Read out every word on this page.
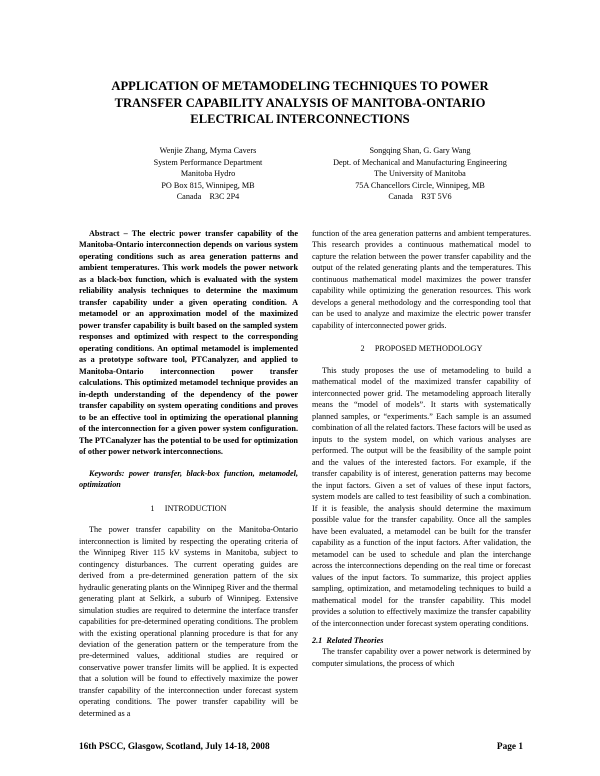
APPLICATION OF METAMODELING TECHNIQUES TO POWER
TRANSFER CAPABILITY ANALYSIS OF MANITOBA-ONTARIO
ELECTRICAL INTERCONNECTIONS
Wenjie Zhang, Myrna Cavers
System Performance Department
Manitoba Hydro
PO Box 815, Winnipeg, MB
Canada    R3C 2P4
Songqing Shan, G. Gary Wang
Dept. of Mechanical and Manufacturing Engineering
The University of Manitoba
75A Chancellors Circle, Winnipeg, MB
Canada    R3T 5V6

Abstract – The electric power transfer capability of the Manitoba-Ontario interconnection depends on various system operating conditions such as area generation patterns and ambient temperatures. This work models the power network as a black-box function, which is evaluated with the system reliability analysis techniques to determine the maximum transfer capability under a given operating condition. A metamodel or an approximation model of the maximized power transfer capability is built based on the sampled system responses and optimized with respect to the corresponding operating conditions. An optimal metamodel is implemented as a prototype software tool, PTCanalyzer, and applied to Manitoba-Ontario interconnection power transfer calculations. This optimized metamodel technique provides an in-depth understanding of the dependency of the power transfer capability on system operating conditions and proves to be an effective tool in optimizing the operational planning of the interconnection for a given power system configuration. The PTCanalyzer has the potential to be used for optimization of other power network interconnections.

Keywords: power transfer, black-box function, metamodel, optimization

1     INTRODUCTION

The power transfer capability on the Manitoba-Ontario interconnection is limited by respecting the operating criteria of the Winnipeg River 115 kV systems in Manitoba, subject to contingency disturbances. The current operating guides are derived from a pre-determined generation pattern of the six hydraulic generating plants on the Winnipeg River and the thermal generating plant at Selkirk, a suburb of Winnipeg. Extensive simulation studies are required to determine the interface transfer capabilities for pre-determined operating conditions. The problem with the existing operational planning procedure is that for any deviation of the generation pattern or the temperature from the pre-determined values, additional studies are required or conservative power transfer limits will be applied. It is expected that a solution will be found to effectively maximize the power transfer capability of the interconnection under forecast system operating conditions. The power transfer capability will be determined as a

function of the area generation patterns and ambient temperatures. This research provides a continuous mathematical model to capture the relation between the power transfer capability and the output of the related generating plants and the temperatures. This continuous mathematical model maximizes the power transfer capability while optimizing the generation resources. This work develops a general methodology and the corresponding tool that can be used to analyze and maximize the electric power transfer capability of interconnected power grids.

2     PROPOSED METHODOLOGY

This study proposes the use of metamodeling to build a mathematical model of the maximized transfer capability of interconnected power grid. The metamodeling approach literally means the “model of models”. It starts with systematically planned samples, or “experiments.” Each sample is an assumed combination of all the related factors. These factors will be used as inputs to the system model, on which various analyses are performed. The output will be the feasibility of the sample point and the values of the interested factors. For example, if the transfer capability is of interest, generation patterns may become the input factors. Given a set of values of these input factors, system models are called to test feasibility of such a combination. If it is feasible, the analysis should determine the maximum possible value for the transfer capability. Once all the samples have been evaluated, a metamodel can be built for the transfer capability as a function of the input factors. After validation, the metamodel can be used to schedule and plan the interchange across the interconnections depending on the real time or forecast values of the input factors. To summarize, this project applies sampling, optimization, and metamodeling techniques to build a mathematical model for the transfer capability. This model provides a solution to effectively maximize the transfer capability of the interconnection under forecast system operating conditions.

2.1  Related Theories

The transfer capability over a power network is determined by computer simulations, the process of which

16th PSCC, Glasgow, Scotland, July 14-18, 2008	Page 1
